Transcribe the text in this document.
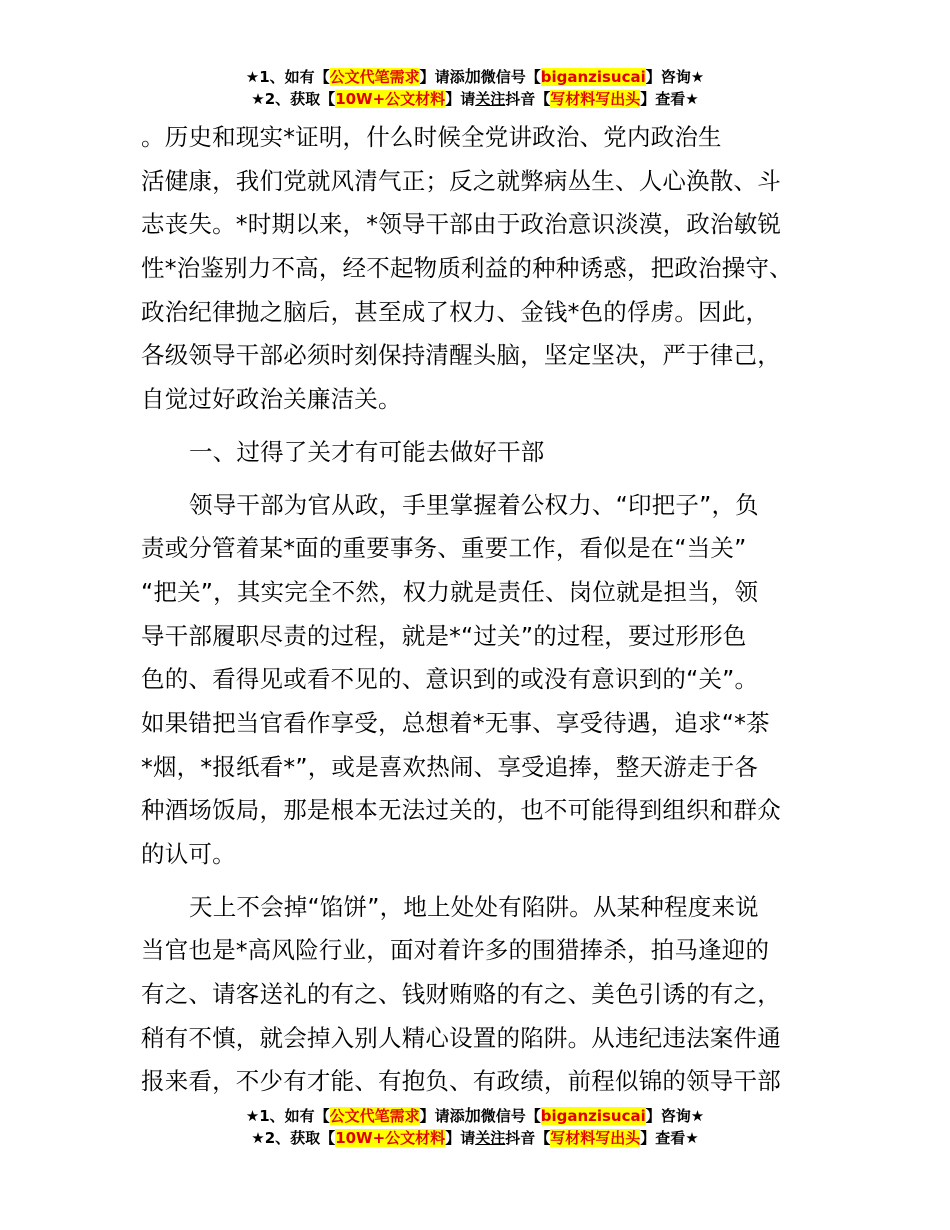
★1、如有【公文代笔需求】请添加微信号【biganzisucai】咨询★
★2、获取【10W+公文材料】请关注抖音【写材料写出头】查看★
。历史和现实*证明，什么时候全党讲政治、党内政治生
活健康，我们党就风清气正；反之就弊病丛生、人心涣散、斗
志丧失。*时期以来，*领导干部由于政治意识淡漠，政治敏锐
性*治鉴别力不高，经不起物质利益的种种诱惑，把政治操守、
政治纪律抛之脑后，甚至成了权力、金钱*色的俘虏。因此，
各级领导干部必须时刻保持清醒头脑，坚定坚决，严于律己，
自觉过好政治关廉洁关。
一、过得了关才有可能去做好干部
领导干部为官从政，手里掌握着公权力、“印把子”，负
责或分管着某*面的重要事务、重要工作，看似是在“当关”
“把关”，其实完全不然，权力就是责任、岗位就是担当，领
导干部履职尽责的过程，就是*“过关”的过程，要过形形色
色的、看得见或看不见的、意识到的或没有意识到的“关”。
如果错把当官看作享受，总想着*无事、享受待遇，追求“*茶
*烟，*报纸看*”，或是喜欢热闹、享受追捧，整天游走于各
种酒场饭局，那是根本无法过关的，也不可能得到组织和群众
的认可。
天上不会掉“馅饼”，地上处处有陷阱。从某种程度来说
当官也是*高风险行业，面对着许多的围猎捧杀，拍马逢迎的
有之、请客送礼的有之、钱财贿赂的有之、美色引诱的有之，
稍有不慎，就会掉入别人精心设置的陷阱。从违纪违法案件通
报来看，不少有才能、有抱负、有政绩，前程似锦的领导干部
★1、如有【公文代笔需求】请添加微信号【biganzisucai】咨询★
★2、获取【10W+公文材料】请关注抖音【写材料写出头】查看★
